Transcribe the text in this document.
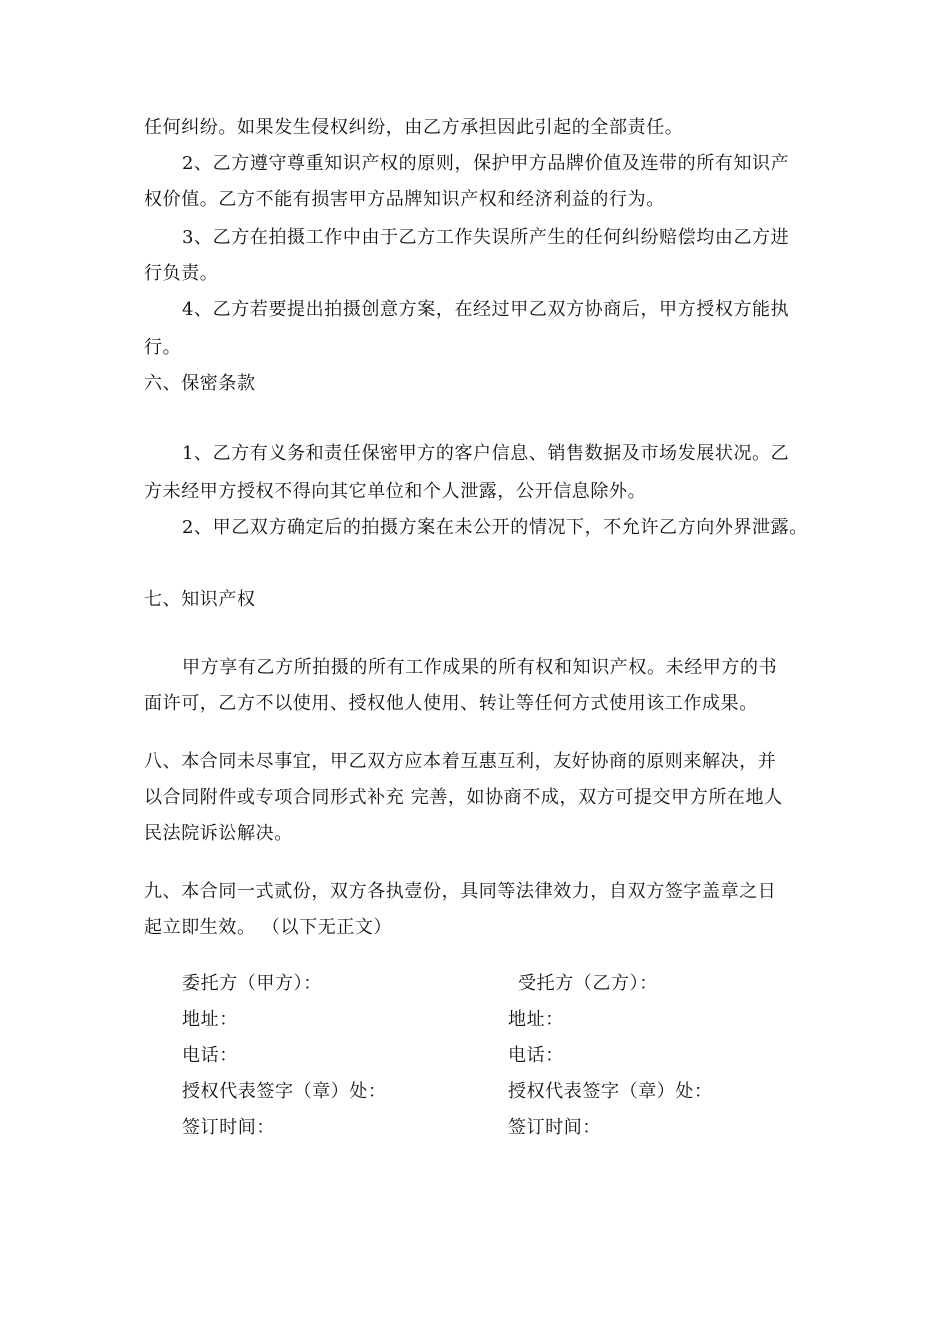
任何纠纷。如果发生侵权纠纷，由乙方承担因此引起的全部责任。
2、乙方遵守尊重知识产权的原则，保护甲方品牌价值及连带的所有知识产
权价值。乙方不能有损害甲方品牌知识产权和经济利益的行为。
3、乙方在拍摄工作中由于乙方工作失误所产生的任何纠纷赔偿均由乙方进
行负责。
4、乙方若要提出拍摄创意方案，在经过甲乙双方协商后，甲方授权方能执
行。
六、保密条款
1、乙方有义务和责任保密甲方的客户信息、销售数据及市场发展状况。乙
方未经甲方授权不得向其它单位和个人泄露，公开信息除外。
2、甲乙双方确定后的拍摄方案在未公开的情况下，不允许乙方向外界泄露。
七、知识产权
甲方享有乙方所拍摄的所有工作成果的所有权和知识产权。未经甲方的书
面许可，乙方不以使用、授权他人使用、转让等任何方式使用该工作成果。
八、本合同未尽事宜，甲乙双方应本着互惠互利，友好协商的原则来解决，并
以合同附件或专项合同形式补充 完善，如协商不成，双方可提交甲方所在地人
民法院诉讼解决。
九、本合同一式贰份，双方各执壹份，具同等法律效力，自双方签字盖章之日
起立即生效。 （以下无正文）
委托方（甲方）：	受托方（乙方）：
地址：	地址：
电话：	电话：
授权代表签字（章）处：	授权代表签字（章）处：
签订时间：	签订时间：
